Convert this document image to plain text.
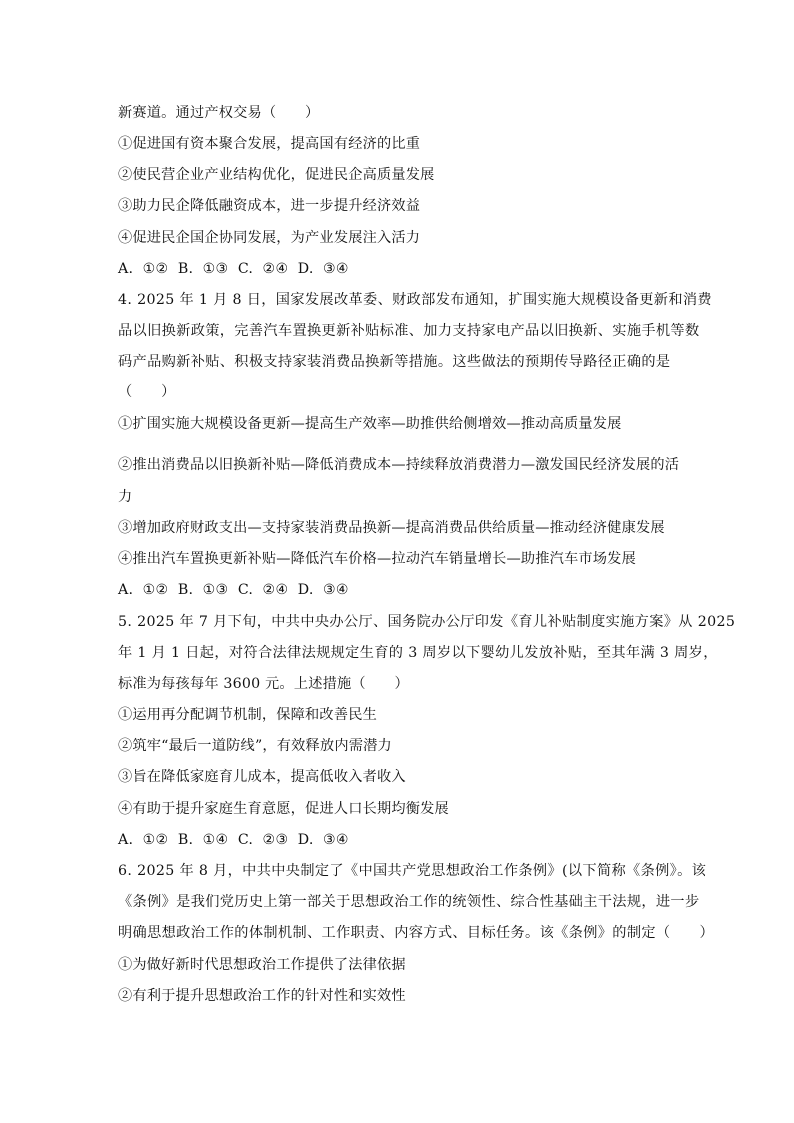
新赛道。通过产权交易（　　）
①促进国有资本聚合发展，提高国有经济的比重
②使民营企业产业结构优化，促进民企高质量发展
③助力民企降低融资成本，进一步提升经济效益
④促进民企国企协同发展，为产业发展注入活力
A.  ①②  B.  ①③  C.  ②④  D.  ③④
4. 2025 年 1 月 8 日，国家发展改革委、财政部发布通知，扩围实施大规模设备更新和消费
品以旧换新政策，完善汽车置换更新补贴标准、加力支持家电产品以旧换新、实施手机等数
码产品购新补贴、积极支持家装消费品换新等措施。这些做法的预期传导路径正确的是
（　　）
①扩围实施大规模设备更新—提高生产效率—助推供给侧增效—推动高质量发展
②推出消费品以旧换新补贴—降低消费成本—持续释放消费潜力—激发国民经济发展的活
力
③增加政府财政支出—支持家装消费品换新—提高消费品供给质量—推动经济健康发展
④推出汽车置换更新补贴—降低汽车价格—拉动汽车销量增长—助推汽车市场发展
A.  ①②  B.  ①③  C.  ②④  D.  ③④
5. 2025 年 7 月下旬，中共中央办公厅、国务院办公厅印发《育儿补贴制度实施方案》从 2025
年 1 月 1 日起，对符合法律法规规定生育的 3 周岁以下婴幼儿发放补贴，至其年满 3 周岁，
标准为每孩每年 3600 元。上述措施（　　）
①运用再分配调节机制，保障和改善民生
②筑牢“最后一道防线”，有效释放内需潜力
③旨在降低家庭育儿成本，提高低收入者收入
④有助于提升家庭生育意愿，促进人口长期均衡发展
A.  ①②  B.  ①④  C.  ②③  D.  ③④
6. 2025 年 8 月，中共中央制定了《中国共产党思想政治工作条例》(以下简称《条例》。该
《条例》是我们党历史上第一部关于思想政治工作的统领性、综合性基础主干法规，进一步
明确思想政治工作的体制机制、工作职责、内容方式、目标任务。该《条例》的制定（　　）
①为做好新时代思想政治工作提供了法律依据
②有利于提升思想政治工作的针对性和实效性
